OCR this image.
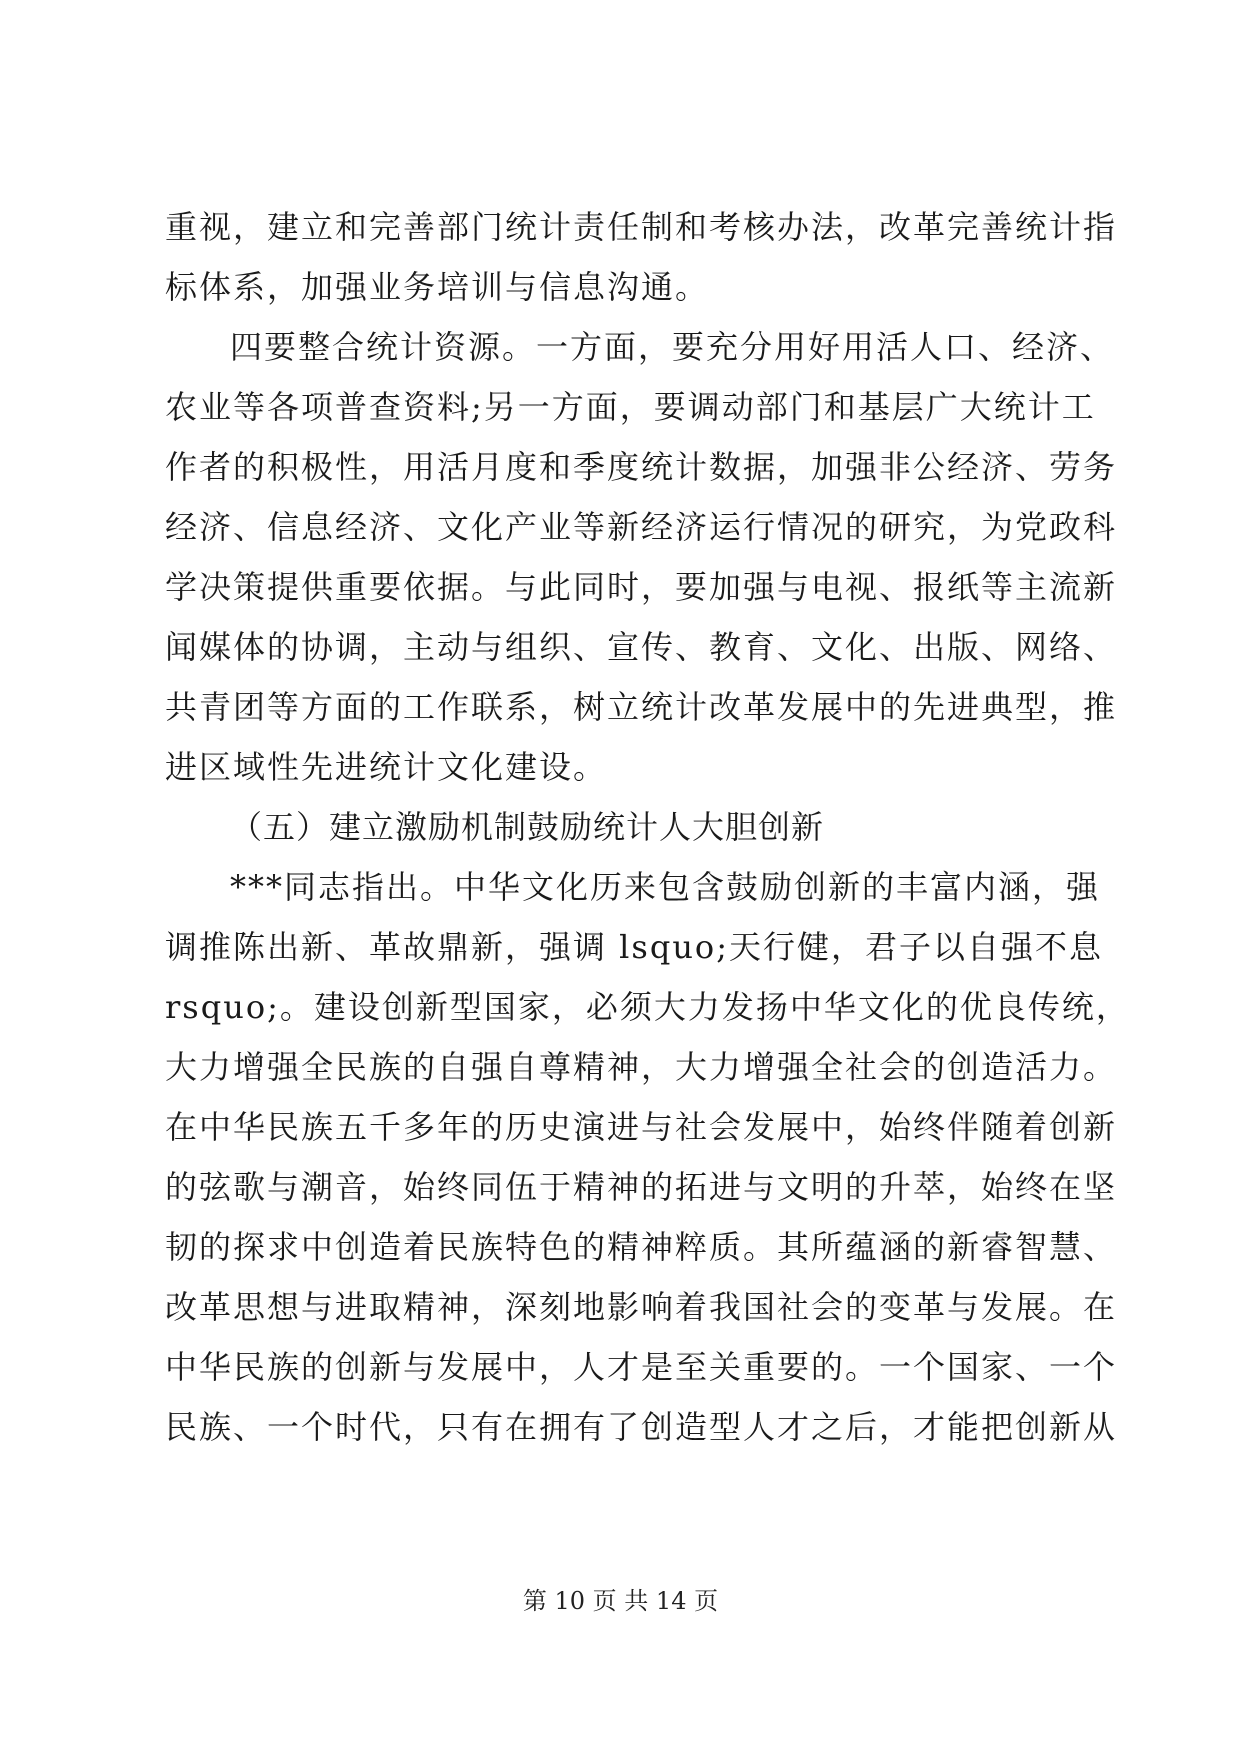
重视，建立和完善部门统计责任制和考核办法，改革完善统计指
标体系，加强业务培训与信息沟通。
四要整合统计资源。一方面，要充分用好用活人口、经济、
农业等各项普查资料;另一方面，要调动部门和基层广大统计工
作者的积极性，用活月度和季度统计数据，加强非公经济、劳务
经济、信息经济、文化产业等新经济运行情况的研究，为党政科
学决策提供重要依据。与此同时，要加强与电视、报纸等主流新
闻媒体的协调，主动与组织、宣传、教育、文化、出版、网络、
共青团等方面的工作联系，树立统计改革发展中的先进典型，推
进区域性先进统计文化建设。
（五）建立激励机制鼓励统计人大胆创新
***同志指出。中华文化历来包含鼓励创新的丰富内涵，强
调推陈出新、革故鼎新，强调 lsquo;天行健，君子以自强不息
rsquo;。建设创新型国家，必须大力发扬中华文化的优良传统，
大力增强全民族的自强自尊精神，大力增强全社会的创造活力。
在中华民族五千多年的历史演进与社会发展中，始终伴随着创新
的弦歌与潮音，始终同伍于精神的拓进与文明的升萃，始终在坚
韧的探求中创造着民族特色的精神粹质。其所蕴涵的新睿智慧、
改革思想与进取精神，深刻地影响着我国社会的变革与发展。在
中华民族的创新与发展中，人才是至关重要的。一个国家、一个
民族、一个时代，只有在拥有了创造型人才之后，才能把创新从
第 10 页 共 14 页
